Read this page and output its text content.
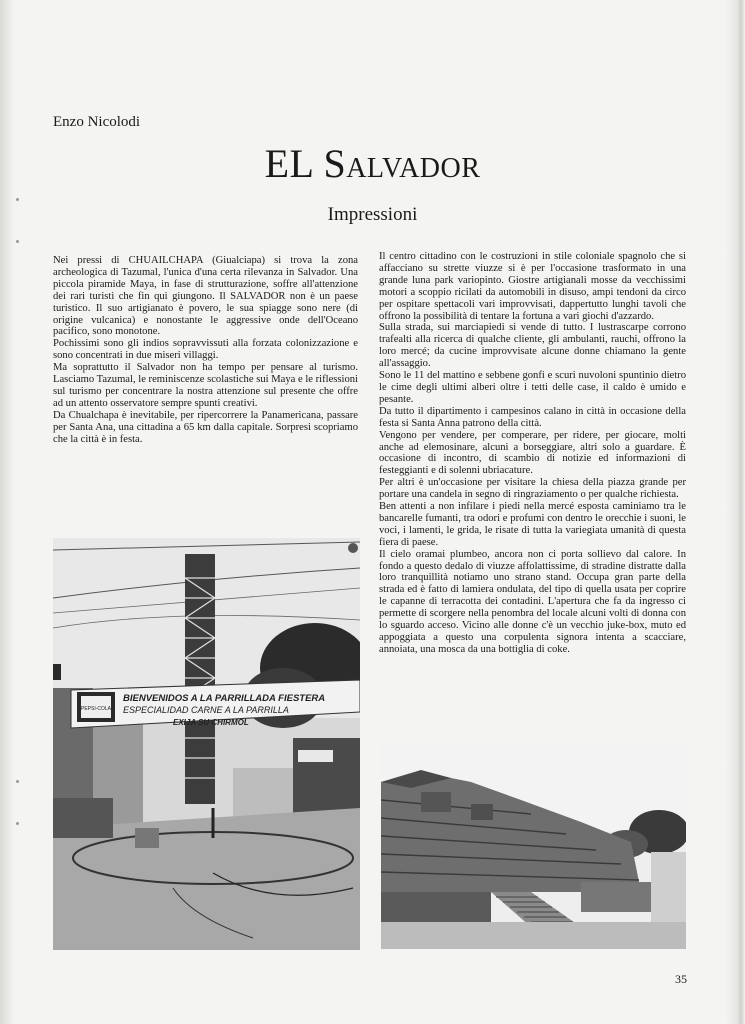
Enzo Nicolodi
EL Salvador
Impressioni

Nei pressi di CHUAILCHAPA (Giualciapa) si trova la zona archeologica di Tazumal, l'unica d'una certa rilevanza in Salvador. Una piccola piramide Maya, in fase di strutturazione, soffre all'attenzione dei rari turisti che fin qui giungono. Il SALVADOR non è un paese turistico. Il suo artigianato è povero, le sua spiagge sono nere (di origine vulcanica) e nonostante le aggressive onde dell'Oceano pacifico, sono monotone.

Pochissimi sono gli indios sopravvissuti alla forzata colonizzazione e sono concentrati in due miseri villaggi.

Ma soprattutto il Salvador non ha tempo per pensare al turismo. Lasciamo Tazumal, le reminiscenze scolastiche sui Maya e le riflessioni sul turismo per concentrare la nostra attenzione sul presente che offre ad un attento osservatore sempre spunti creativi.

Da Chualchapa è inevitabile, per ripercorrere la Panamericana, passare per Santa Ana, una cittadina a 65 km dalla capitale. Sorpresi scopriamo che la città è in festa.

Il centro cittadino con le costruzioni in stile coloniale spagnolo che si affacciano su strette viuzze si è per l'occasione trasformato in una grande luna park variopinto. Giostre artigianali mosse da vecchissimi motori a scoppio ricilati da automobili in disuso, ampi tendoni da circo per ospitare spettacoli vari improvvisati, dappertutto lunghi tavoli che offrono la possibilità di tentare la fortuna a vari giochi d'azzardo.

Sulla strada, sui marciapiedi si vende di tutto. I lustrascarpe corrono trafealti alla ricerca di qualche cliente, gli ambulanti, rauchi, offrono la loro mercé; da cucine improvvisate alcune donne chiamano la gente all'assaggio.

Sono le 11 del mattino e sebbene gonfi e scuri nuvoloni spuntinio dietro le cime degli ultimi alberi oltre i tetti delle case, il caldo è umido e pesante.

Da tutto il dipartimento i campesinos calano in città in occasione della festa si Santa Anna patrono della città.

Vengono per vendere, per comperare, per ridere, per giocare, molti anche ad elemosinare, alcuni a borseggiare, altri solo a guardare. È occasione di incontro, di scambio di notizie ed informazioni di festeggianti e di solenni ubriacature.

Per altri è un'occasione per visitare la chiesa della piazza grande per portare una candela in segno di ringraziamento o per qualche richiesta.

Ben attenti a non infilare i piedi nella mercé esposta caminiamo tra le bancarelle fumanti, tra odori e profumi con dentro le orecchie i suoni, le voci, i lamenti, le grida, le risate di tutta la variegiata umanità di questa fiera di paese.

Il cielo oramai plumbeo, ancora non ci porta sollievo dal calore. In fondo a questo dedalo di viuzze affolattissime, di stradine distratte dalla loro tranquillità notiamo uno strano stand. Occupa gran parte della strada ed è fatto di lamiera ondulata, del tipo di quella usata per coprire le capanne di terracotta dei contadini. L'apertura che fa da ingresso ci permette di scorgere nella penombra del locale alcuni volti di donna con lo sguardo acceso. Vicino alle donne c'è un vecchio juke-box, muto ed appoggiata a questo una corpulenta signora intenta a scacciare, annoiata, una mosca da una bottiglia di coke.

PEPSI-COLA
BIENVENIDOS A LA PARRILLADA FIESTERA
ESPECIALIDAD CARNE A LA PARRILLA
EXIJA SU CHIRMOL
35
